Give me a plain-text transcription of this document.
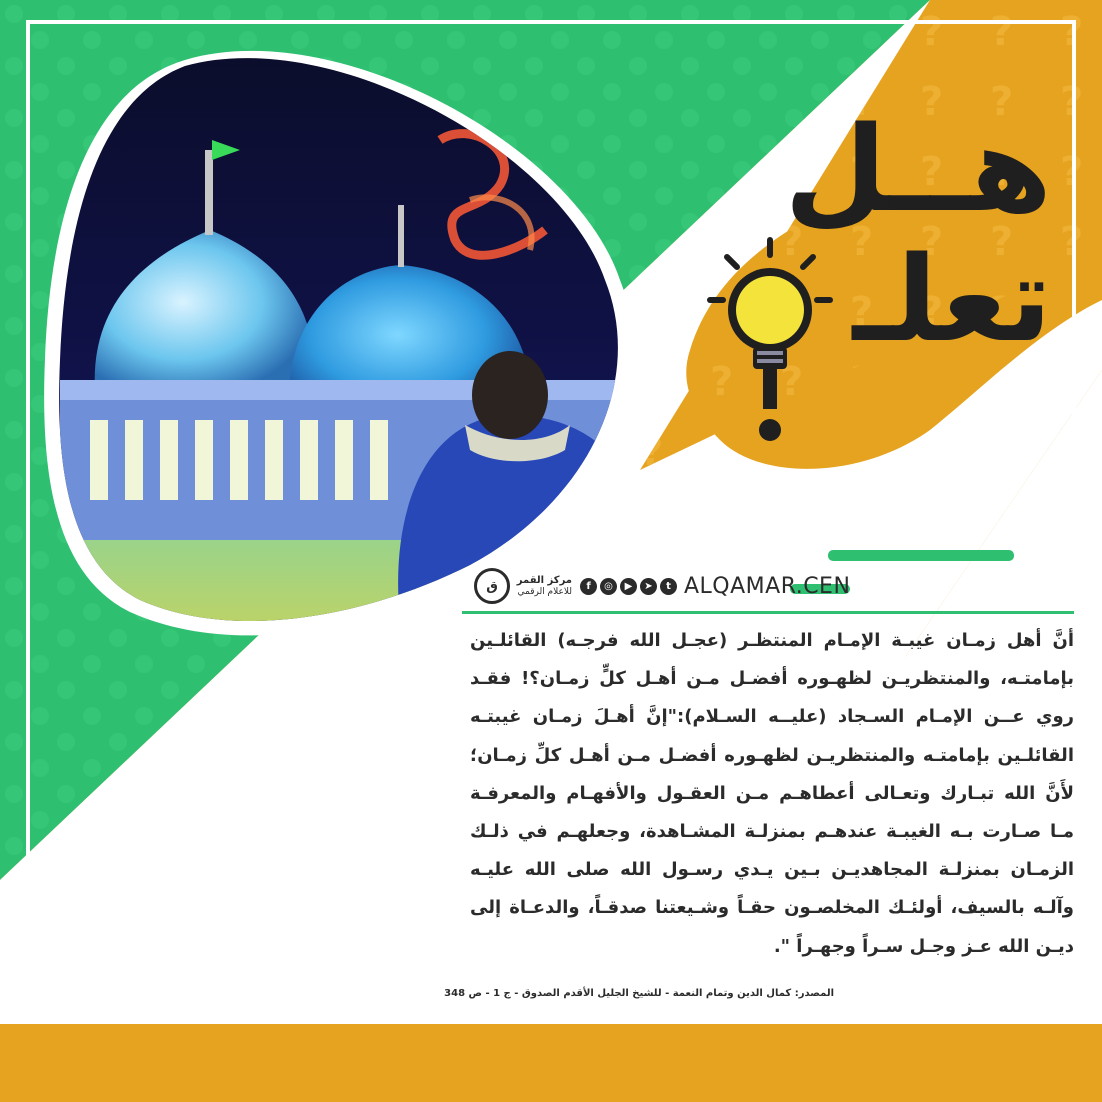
هــل
تعلـ
ق	مركز القمر
للاعلام الرقمي
f	◎	▶	➤	t ALQAMAR.CEN

أنَّ أهل زمـان غيبـة الإمـام المنتظـر (عجـل الله فرجـه) القائلـين بإمامتـه، والمنتظريـن لظهـوره أفضـل مـن أهـل كلٍّ زمـان؟! فقـد روي عــن الإمـام السـجاد (عليــه السـلام):"إنَّ أهـلَ زمـان غيبتـه القائلـين بإمامتـه والمنتظريـن لظهـوره أفضـل مـن أهـل كلِّ زمـان؛ لأَنَّ الله تبـارك وتعـالى أعطاهـم مـن العقـول والأفهـام والمعرفـة مـا صـارت بـه الغيبـة عندهـم بمنزلـة المشـاهدة، وجعلهـم في ذلـك الزمـان بمنزلـة المجاهديـن بـين يـدي رسـول الله صلى الله عليـه وآلـه بالسيف، أولئـك المخلصـون حقـاً وشـيعتنا صدقـاً، والدعـاة إلى ديـن الله عـز وجـل سـراً وجهـراً ".

المصدر: كمال الدين وتمام النعمة - للشيخ الجليل الأقدم الصدوق - ج 1 - ص 348
